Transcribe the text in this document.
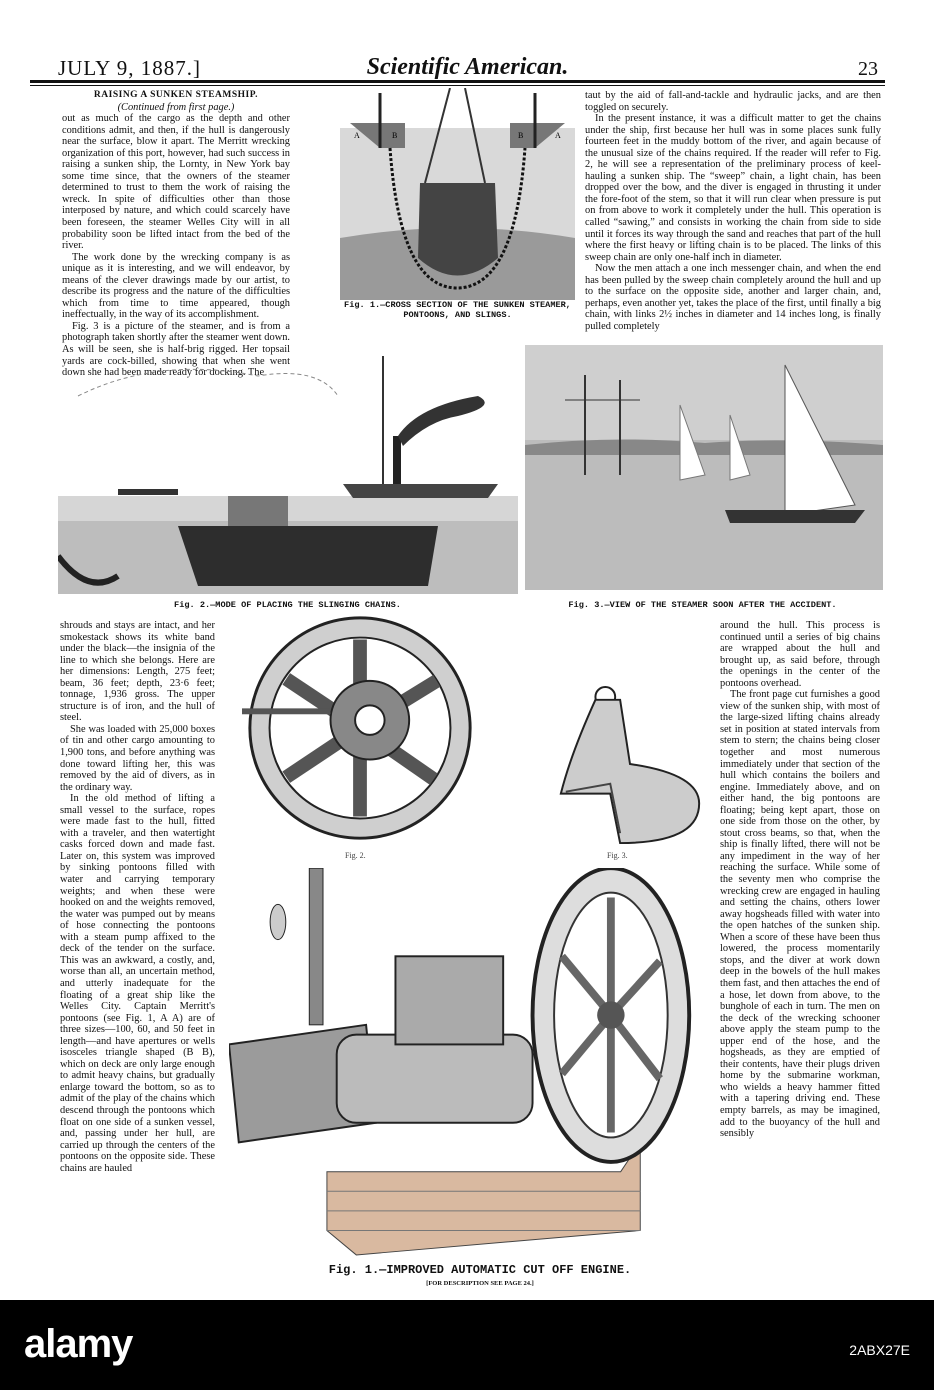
JULY 9, 1887.]	Scientific American.	23
RAISING A SUNKEN STEAMSHIP.
(Continued from first page.)

out as much of the cargo as the depth and other conditions admit, and then, if the hull is dangerously near the surface, blow it apart. The Merritt wrecking organization of this port, however, had such success in raising a sunken ship, the Lornty, in New York bay some time since, that the owners of the steamer determined to trust to them the work of raising the wreck. In spite of difficulties other than those interposed by nature, and which could scarcely have been foreseen, the steamer Welles City will in all probability soon be lifted intact from the bed of the river.

The work done by the wrecking company is as unique as it is interesting, and we will endeavor, by means of the clever drawings made by our artist, to describe its progress and the nature of the difficulties which from time to time appeared, though ineffectually, in the way of its accomplishment.

Fig. 3 is a picture of the steamer, and is from a photograph taken shortly after the steamer went down. As will be seen, she is half-brig rigged. Her topsail yards are cock-billed, showing that when she went down she had been made ready for docking. The

A	B	B	A
Fig. 1.—CROSS SECTION OF THE SUNKEN STEAMER, PONTOONS, AND SLINGS.

taut by the aid of fall-and-tackle and hydraulic jacks, and are then toggled on securely.

In the present instance, it was a difficult matter to get the chains under the ship, first because her hull was in some places sunk fully fourteen feet in the muddy bottom of the river, and again because of the unusual size of the chains required. If the reader will refer to Fig. 2, he will see a representation of the preliminary process of keel-hauling a sunken ship. The “sweep” chain, a light chain, has been dropped over the bow, and the diver is engaged in thrusting it under the fore-foot of the stem, so that it will run clear when pressure is put on from above to work it completely under the hull. This operation is called “sawing,” and consists in working the chain from side to side until it forces its way through the sand and reaches that part of the hull where the first heavy or lifting chain is to be placed. The links of this sweep chain are only one-half inch in diameter.

Now the men attach a one inch messenger chain, and when the end has been pulled by the sweep chain completely around the hull and up to the surface on the opposite side, another and larger chain, and, perhaps, even another yet, takes the place of the first, until finally a big chain, with links 2½ inches in diameter and 14 inches long, is finally pulled completely

Fig. 2.—MODE OF PLACING THE SLINGING CHAINS.	Fig. 3.—VIEW OF THE STEAMER SOON AFTER THE ACCIDENT.

shrouds and stays are intact, and her smokestack shows its white band under the black—the insignia of the line to which she belongs. Here are her dimensions: Length, 275 feet; beam, 36 feet; depth, 23·6 feet; tonnage, 1,936 gross. The upper structure is of iron, and the hull of steel.

She was loaded with 25,000 boxes of tin and other cargo amounting to 1,900 tons, and before anything was done toward lifting her, this was removed by the aid of divers, as in the ordinary way.

In the old method of lifting a small vessel to the surface, ropes were made fast to the hull, fitted with a traveler, and then watertight casks forced down and made fast. Later on, this system was improved by sinking pontoons filled with water and carrying temporary weights; and when these were hooked on and the weights removed, the water was pumped out by means of hose connecting the pontoons with a steam pump affixed to the deck of the tender on the surface. This was an awkward, a costly, and, worse than all, an uncertain method, and utterly inadequate for the floating of a great ship like the Welles City. Captain Merritt's pontoons (see Fig. 1, A A) are of three sizes—100, 60, and 50 feet in length—and have apertures or wells isosceles triangle shaped (B B), which on deck are only large enough to admit heavy chains, but gradually enlarge toward the bottom, so as to admit of the play of the chains which descend through the pontoons which float on one side of a sunken vessel, and, passing under her hull, are carried up through the centers of the pontoons on the opposite side. These chains are hauled

Fig. 2.	Fig. 3.
Fig. 1.—IMPROVED AUTOMATIC CUT OFF ENGINE.
[FOR DESCRIPTION SEE PAGE 24.]

around the hull. This process is continued until a series of big chains are wrapped about the hull and brought up, as said before, through the openings in the center of the pontoons overhead.

The front page cut furnishes a good view of the sunken ship, with most of the large-sized lifting chains already set in position at stated intervals from stem to stern; the chains being closer together and most numerous immediately under that section of the hull which contains the boilers and engine. Immediately above, and on either hand, the big pontoons are floating; being kept apart, those on one side from those on the other, by stout cross beams, so that, when the ship is finally lifted, there will not be any impediment in the way of her reaching the surface. While some of the seventy men who comprise the wrecking crew are engaged in hauling and setting the chains, others lower away hogsheads filled with water into the open hatches of the sunken ship. When a score of these have been thus lowered, the process momentarily stops, and the diver at work down deep in the bowels of the hull makes them fast, and then attaches the end of a hose, let down from above, to the bunghole of each in turn. The men on the deck of the wrecking schooner above apply the steam pump to the upper end of the hose, and the hogsheads, as they are emptied of their contents, have their plugs driven home by the submarine workman, who wields a heavy hammer fitted with a tapering driving end. These empty barrels, as may be imagined, add to the buoyancy of the hull and sensibly

alamy	2ABX27E
